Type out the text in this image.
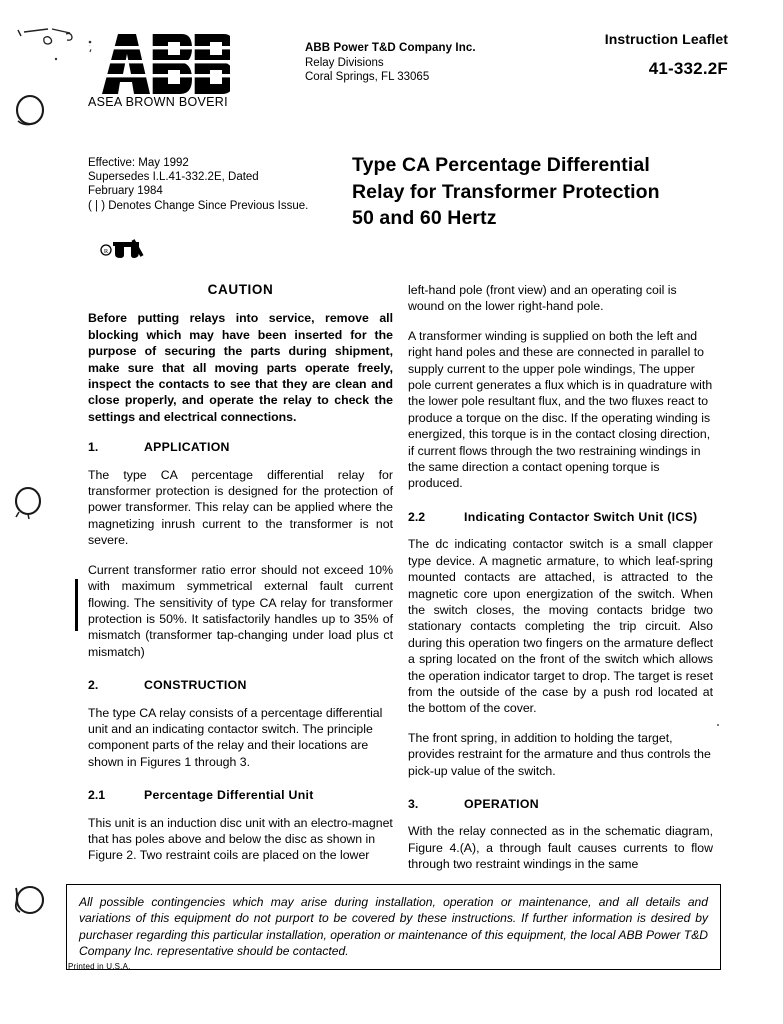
ASEA BROWN BOVERI
ABB Power T&D Company Inc.
Relay Divisions
Coral Springs, FL 33065
Instruction Leaflet
41-332.2F
Effective: May 1992
Supersedes I.L.41-332.2E, Dated
February 1984
( | ) Denotes Change Since Previous Issue.
R
Type CA Percentage Differential
Relay for Transformer Protection
50 and 60 Hertz
CAUTION

Before putting relays into service, remove all blocking which may have been inserted for the purpose of securing the parts during shipment, make sure that all moving parts operate freely, inspect the contacts to see that they are clean and close properly, and operate the relay to check the settings and electrical connections.

1.	APPLICATION

The type CA percentage differential relay for transformer protection is designed for the protection of power transformer. This relay can be applied where the magnetizing inrush current to the transformer is not severe.

Current transformer ratio error should not exceed 10% with maximum symmetrical external fault current flowing. The sensitivity of type CA relay for transformer protection is 50%. It satisfactorily handles up to 35% of mismatch (transformer tap-changing under load plus ct mismatch)

2.	CONSTRUCTION

The type CA relay consists of a percentage differential unit and an indicating contactor switch. The principle component parts of the relay and their locations are shown in Figures 1 through 3.

2.1	Percentage Differential Unit

This unit is an induction disc unit with an electro-magnet that has poles above and below the disc as shown in Figure 2. Two restraint coils are placed on the lower

left-hand pole (front view) and an operating coil is wound on the lower right-hand pole.

A transformer winding is supplied on both the left and right hand poles and these are connected in parallel to supply current to the upper pole windings, The upper pole current generates a flux which is in quadrature with the lower pole resultant flux, and the two fluxes react to produce a torque on the disc. If the operating winding is energized, this torque is in the contact closing direction, if current flows through the two restraining windings in the same direction a contact opening torque is produced.

2.2	Indicating Contactor Switch Unit (ICS)

The dc indicating contactor switch is a small clapper type device. A magnetic armature, to which leaf-spring mounted contacts are attached, is attracted to the magnetic core upon energization of the switch. When the switch closes, the moving contacts bridge two stationary contacts completing the trip circuit. Also during this operation two fingers on the armature deflect a spring located on the front of the switch which allows the operation indicator target to drop. The target is reset from the outside of the case by a push rod located at the bottom of the cover.

The front spring, in addition to holding the target, provides restraint for the armature and thus controls the pick-up value of the switch.

3.	OPERATION

With the relay connected as in the schematic diagram, Figure 4.(A), a through fault causes currents to flow through two restraint windings in the same

All possible contingencies which may arise during installation, operation or maintenance, and all details and variations of this equipment do not purport to be covered by these instructions. If further information is desired by purchaser regarding this particular installation, operation or maintenance of this equipment, the local ABB Power T&D Company Inc. representative should be contacted.
Printed in U.S.A.
